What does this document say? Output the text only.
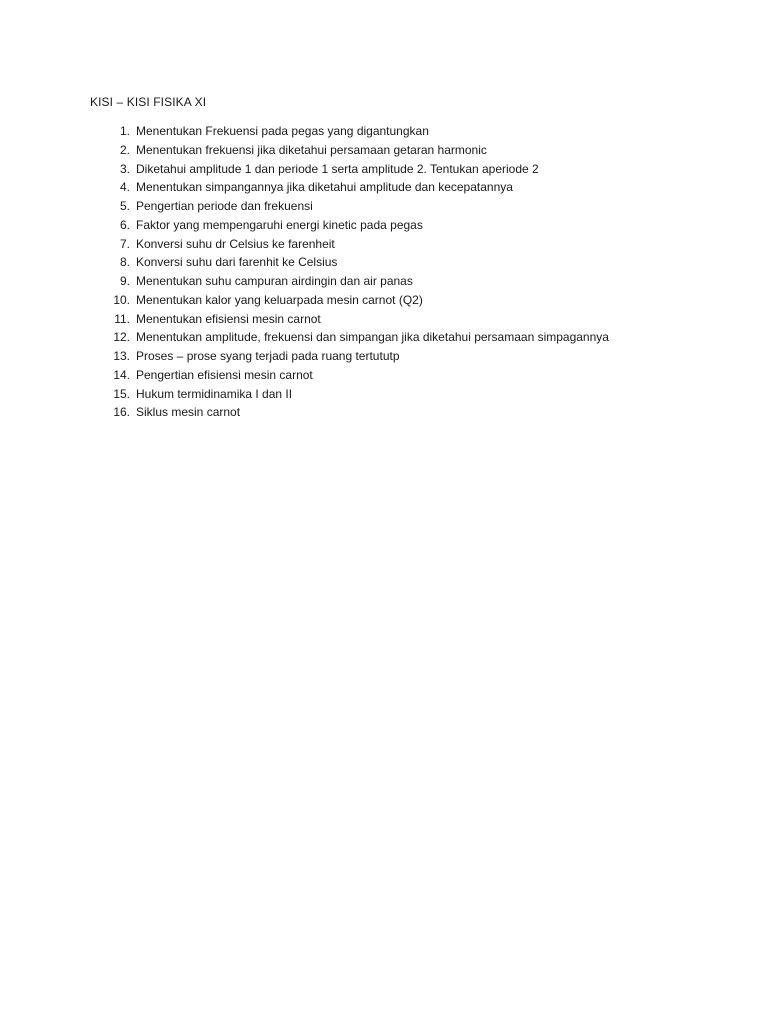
KISI – KISI FISIKA XI
1. Menentukan Frekuensi pada pegas yang digantungkan
2. Menentukan frekuensi jika diketahui persamaan getaran harmonic
3. Diketahui amplitude 1 dan periode 1 serta amplitude 2. Tentukan aperiode 2
4. Menentukan simpangannya jika diketahui amplitude dan kecepatannya
5. Pengertian periode dan frekuensi
6. Faktor yang mempengaruhi energi kinetic pada pegas
7. Konversi suhu dr Celsius ke farenheit
8. Konversi suhu dari farenhit ke Celsius
9. Menentukan suhu campuran airdingin dan air panas
10. Menentukan kalor yang keluarpada mesin carnot (Q2)
11. Menentukan efisiensi mesin carnot
12. Menentukan amplitude, frekuensi dan simpangan jika diketahui persamaan simpagannya
13. Proses – prose syang terjadi pada ruang tertututp
14. Pengertian efisiensi mesin carnot
15. Hukum termidinamika I dan II
16. Siklus mesin carnot
